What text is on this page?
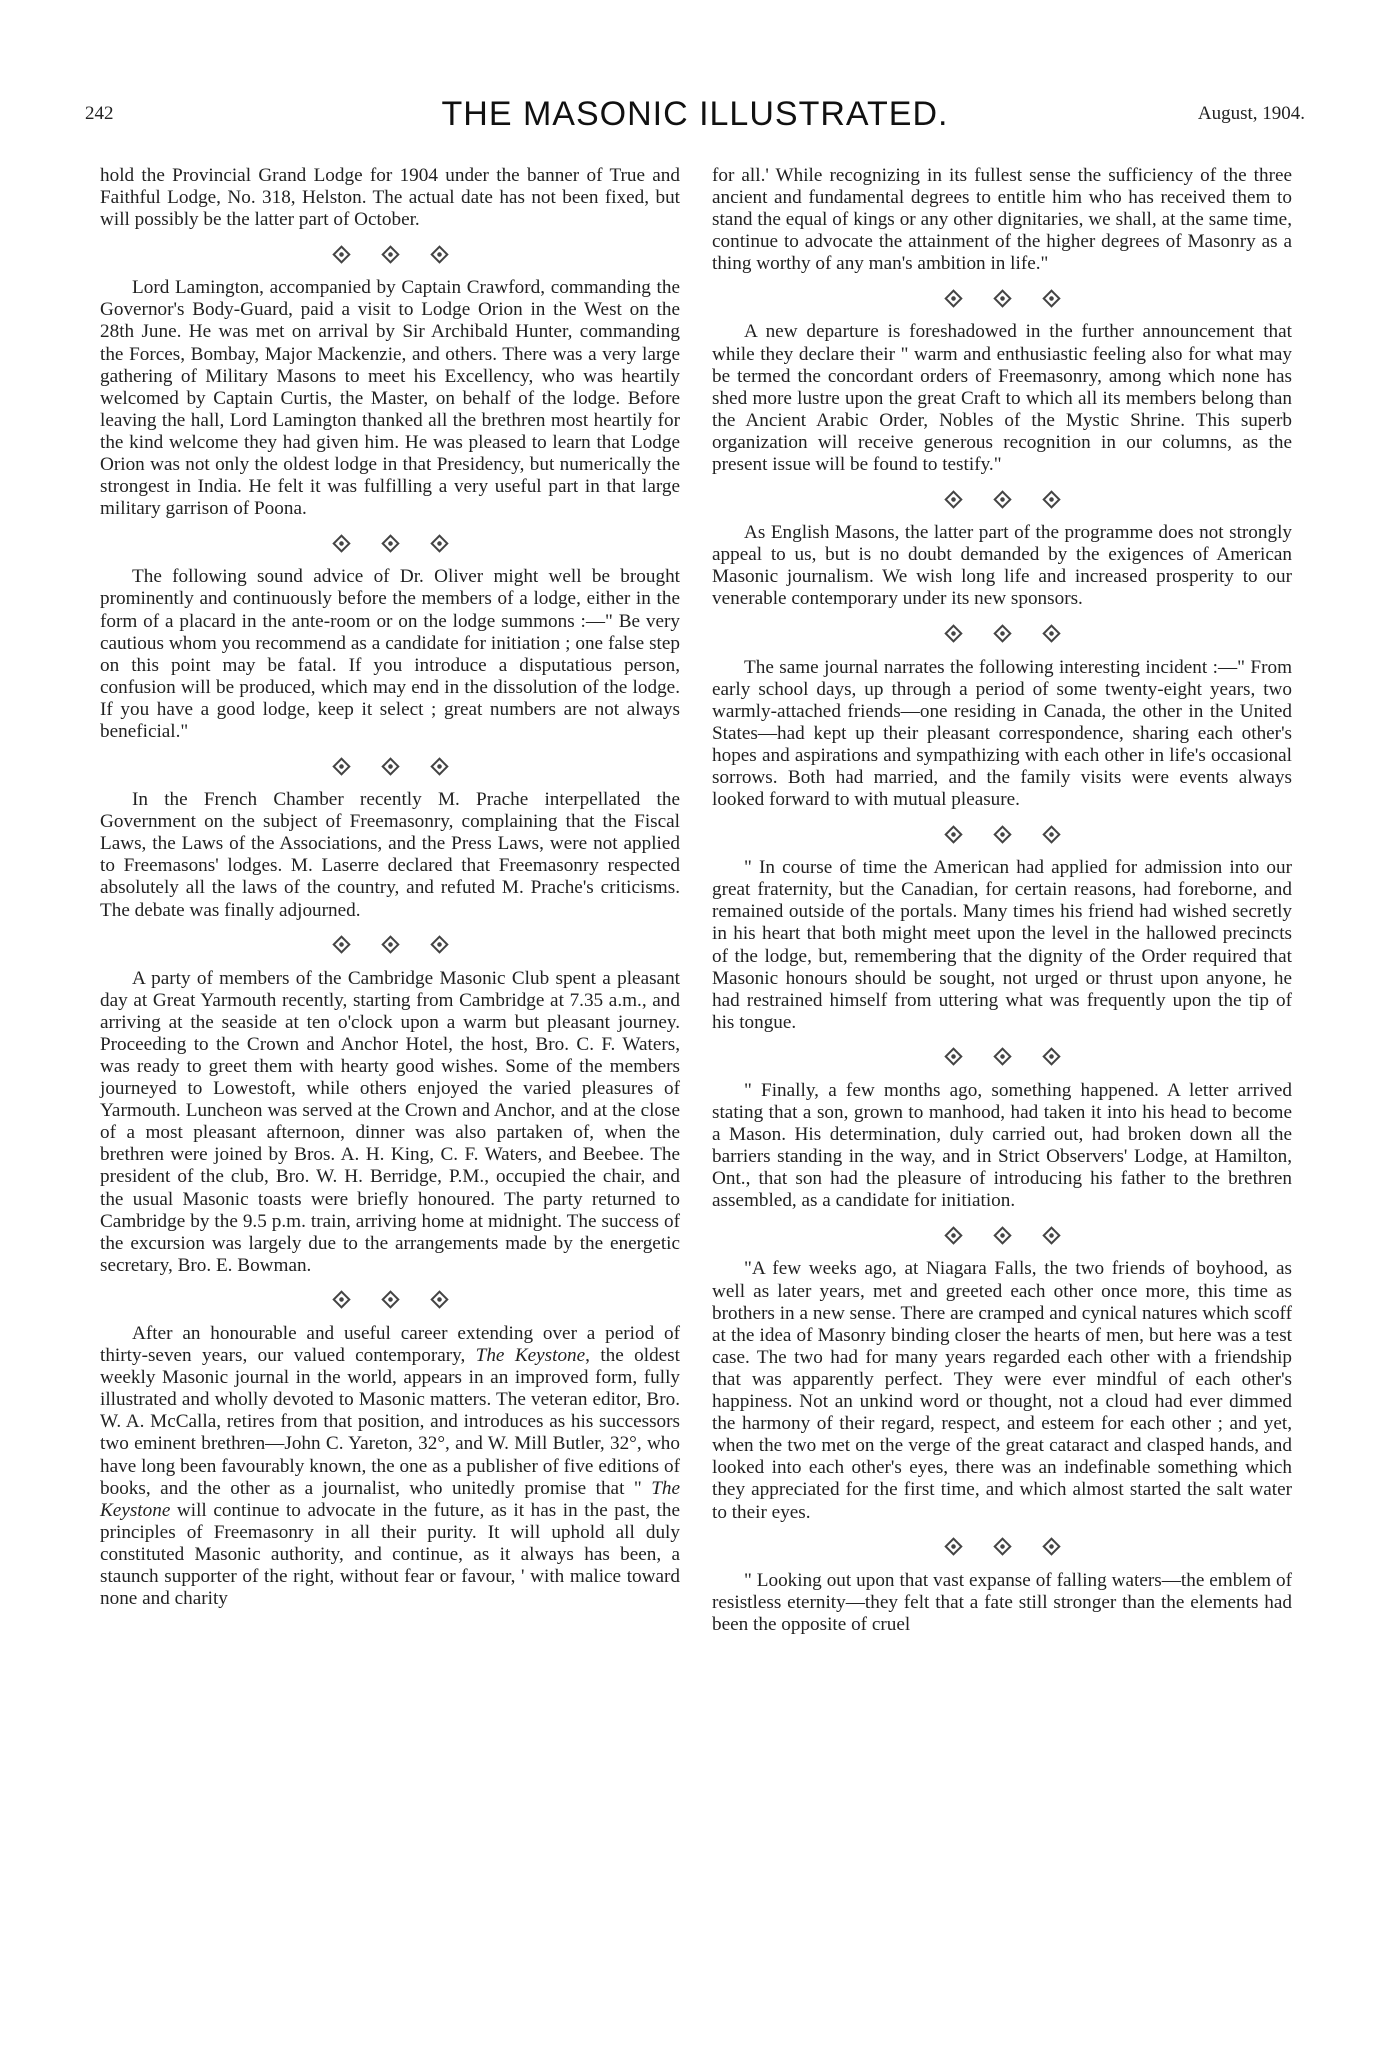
242	THE MASONIC ILLUSTRATED.	August, 1904.

hold the Provincial Grand Lodge for 1904 under the banner of True and Faithful Lodge, No. 318, Helston. The actual date has not been fixed, but will possibly be the latter part of October.

Lord Lamington, accompanied by Captain Crawford, commanding the Governor's Body-Guard, paid a visit to Lodge Orion in the West on the 28th June. He was met on arrival by Sir Archibald Hunter, commanding the Forces, Bombay, Major Mackenzie, and others. There was a very large gathering of Military Masons to meet his Excellency, who was heartily welcomed by Captain Curtis, the Master, on behalf of the lodge. Before leaving the hall, Lord Lamington thanked all the brethren most heartily for the kind welcome they had given him. He was pleased to learn that Lodge Orion was not only the oldest lodge in that Presidency, but numerically the strongest in India. He felt it was fulfilling a very useful part in that large military garrison of Poona.

The following sound advice of Dr. Oliver might well be brought prominently and continuously before the members of a lodge, either in the form of a placard in the ante-room or on the lodge summons :—" Be very cautious whom you recommend as a candidate for initiation ; one false step on this point may be fatal. If you introduce a disputatious person, confusion will be produced, which may end in the dissolution of the lodge. If you have a good lodge, keep it select ; great numbers are not always beneficial."

In the French Chamber recently M. Prache interpellated the Government on the subject of Freemasonry, complaining that the Fiscal Laws, the Laws of the Associations, and the Press Laws, were not applied to Freemasons' lodges. M. Laserre declared that Freemasonry respected absolutely all the laws of the country, and refuted M. Prache's criticisms. The debate was finally adjourned.

A party of members of the Cambridge Masonic Club spent a pleasant day at Great Yarmouth recently, starting from Cambridge at 7.35 a.m., and arriving at the seaside at ten o'clock upon a warm but pleasant journey. Proceeding to the Crown and Anchor Hotel, the host, Bro. C. F. Waters, was ready to greet them with hearty good wishes. Some of the members journeyed to Lowestoft, while others enjoyed the varied pleasures of Yarmouth. Luncheon was served at the Crown and Anchor, and at the close of a most pleasant afternoon, dinner was also partaken of, when the brethren were joined by Bros. A. H. King, C. F. Waters, and Beebee. The president of the club, Bro. W. H. Berridge, P.M., occupied the chair, and the usual Masonic toasts were briefly honoured. The party returned to Cambridge by the 9.5 p.m. train, arriving home at midnight. The success of the excursion was largely due to the arrangements made by the energetic secretary, Bro. E. Bowman.

After an honourable and useful career extending over a period of thirty-seven years, our valued contemporary, The Keystone, the oldest weekly Masonic journal in the world, appears in an improved form, fully illustrated and wholly devoted to Masonic matters. The veteran editor, Bro. W. A. McCalla, retires from that position, and introduces as his successors two eminent brethren—John C. Yareton, 32°, and W. Mill Butler, 32°, who have long been favourably known, the one as a publisher of five editions of books, and the other as a journalist, who unitedly promise that " The Keystone will continue to advocate in the future, as it has in the past, the principles of Freemasonry in all their purity. It will uphold all duly constituted Masonic authority, and continue, as it always has been, a staunch supporter of the right, without fear or favour, ' with malice toward none and charity

for all.' While recognizing in its fullest sense the sufficiency of the three ancient and fundamental degrees to entitle him who has received them to stand the equal of kings or any other dignitaries, we shall, at the same time, continue to advocate the attainment of the higher degrees of Masonry as a thing worthy of any man's ambition in life."

A new departure is foreshadowed in the further announcement that while they declare their " warm and enthusiastic feeling also for what may be termed the concordant orders of Freemasonry, among which none has shed more lustre upon the great Craft to which all its members belong than the Ancient Arabic Order, Nobles of the Mystic Shrine. This superb organization will receive generous recognition in our columns, as the present issue will be found to testify."

As English Masons, the latter part of the programme does not strongly appeal to us, but is no doubt demanded by the exigences of American Masonic journalism. We wish long life and increased prosperity to our venerable contemporary under its new sponsors.

The same journal narrates the following interesting incident :—" From early school days, up through a period of some twenty-eight years, two warmly-attached friends—one residing in Canada, the other in the United States—had kept up their pleasant correspondence, sharing each other's hopes and aspirations and sympathizing with each other in life's occasional sorrows. Both had married, and the family visits were events always looked forward to with mutual pleasure.

" In course of time the American had applied for admission into our great fraternity, but the Canadian, for certain reasons, had foreborne, and remained outside of the portals. Many times his friend had wished secretly in his heart that both might meet upon the level in the hallowed precincts of the lodge, but, remembering that the dignity of the Order required that Masonic honours should be sought, not urged or thrust upon anyone, he had restrained himself from uttering what was frequently upon the tip of his tongue.

" Finally, a few months ago, something happened. A letter arrived stating that a son, grown to manhood, had taken it into his head to become a Mason. His determination, duly carried out, had broken down all the barriers standing in the way, and in Strict Observers' Lodge, at Hamilton, Ont., that son had the pleasure of introducing his father to the brethren assembled, as a candidate for initiation.

"A few weeks ago, at Niagara Falls, the two friends of boyhood, as well as later years, met and greeted each other once more, this time as brothers in a new sense. There are cramped and cynical natures which scoff at the idea of Masonry binding closer the hearts of men, but here was a test case. The two had for many years regarded each other with a friendship that was apparently perfect. They were ever mindful of each other's happiness. Not an unkind word or thought, not a cloud had ever dimmed the harmony of their regard, respect, and esteem for each other ; and yet, when the two met on the verge of the great cataract and clasped hands, and looked into each other's eyes, there was an indefinable something which they appreciated for the first time, and which almost started the salt water to their eyes.

" Looking out upon that vast expanse of falling waters—the emblem of resistless eternity—they felt that a fate still stronger than the elements had been the opposite of cruel
